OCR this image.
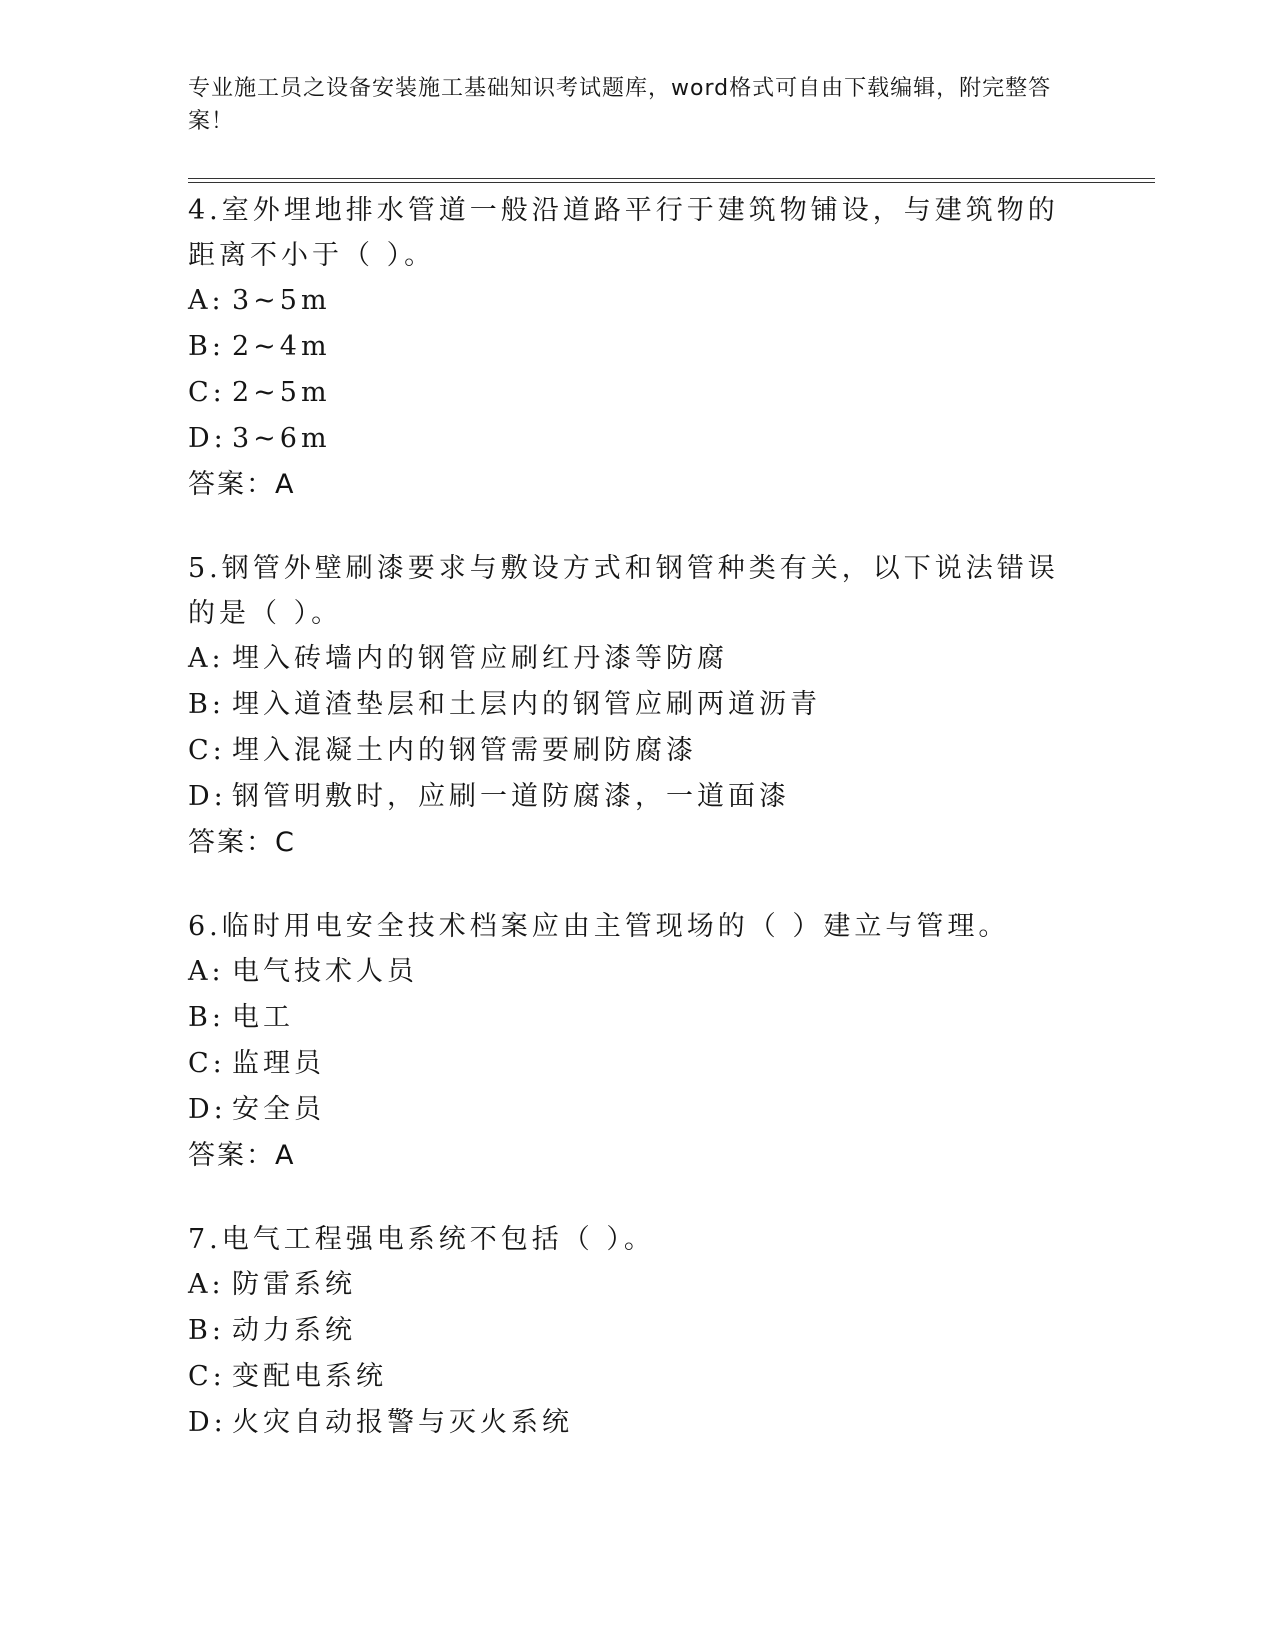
专业施工员之设备安装施工基础知识考试题库，word格式可自由下载编辑，附完整答案！

4.室外埋地排水管道一般沿道路平行于建筑物铺设，与建筑物的距离不小于（ ）。

A: 3~5m

B: 2~4m

C: 2~5m

D: 3~6m

答案：A

5.钢管外壁刷漆要求与敷设方式和钢管种类有关，以下说法错误的是（ ）。

A: 埋入砖墙内的钢管应刷红丹漆等防腐

B: 埋入道渣垫层和土层内的钢管应刷两道沥青

C: 埋入混凝土内的钢管需要刷防腐漆

D: 钢管明敷时，应刷一道防腐漆，一道面漆

答案：C

6.临时用电安全技术档案应由主管现场的（ ）建立与管理。

A: 电气技术人员

B: 电工

C: 监理员

D: 安全员

答案：A

7.电气工程强电系统不包括（ ）。

A: 防雷系统

B: 动力系统

C: 变配电系统

D: 火灾自动报警与灭火系统
